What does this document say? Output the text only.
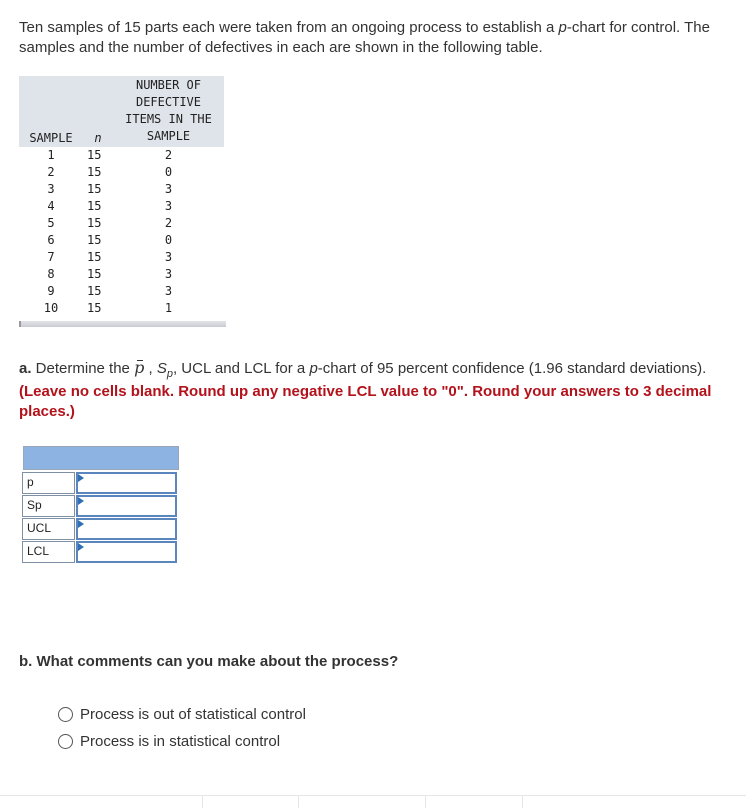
Ten samples of 15 parts each were taken from an ongoing process to establish a p-chart for control. The samples and the number of defectives in each are shown in the following table.
SAMPLE	n	NUMBER OF
DEFECTIVE
ITEMS IN THE
SAMPLE

1	15	2
2	15	0
3	15	3
4	15	3
5	15	2
6	15	0
7	15	3
8	15	3
9	15	3
10	15	1
a. Determine the p , $S_p$, UCL and LCL for a p-chart of 95 percent confidence (1.96 standard deviations).
(Leave no cells blank. Round up any negative LCL value to "0". Round your answers to 3 decimal places.)
p
Sp
UCL
LCL
b. What comments can you make about the process?
Process is out of statistical control
Process is in statistical control
